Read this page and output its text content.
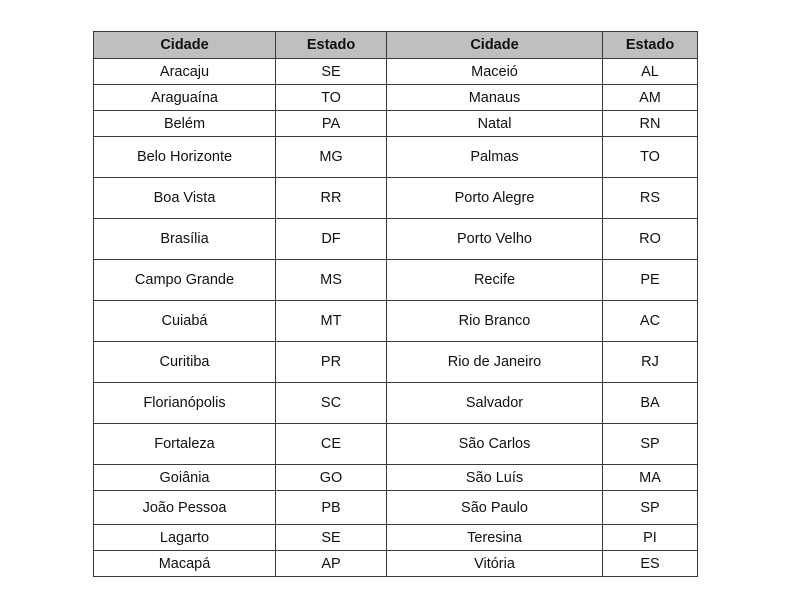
Cidade	Estado	Cidade	Estado
Aracaju	SE	Maceió	AL
Araguaína	TO	Manaus	AM
Belém	PA	Natal	RN
Belo Horizonte	MG	Palmas	TO
Boa Vista	RR	Porto Alegre	RS
Brasília	DF	Porto Velho	RO
Campo Grande	MS	Recife	PE
Cuiabá	MT	Rio Branco	AC
Curitiba	PR	Rio de Janeiro	RJ
Florianópolis	SC	Salvador	BA
Fortaleza	CE	São Carlos	SP
Goiânia	GO	São Luís	MA
João Pessoa	PB	São Paulo	SP
Lagarto	SE	Teresina	PI
Macapá	AP	Vitória	ES
